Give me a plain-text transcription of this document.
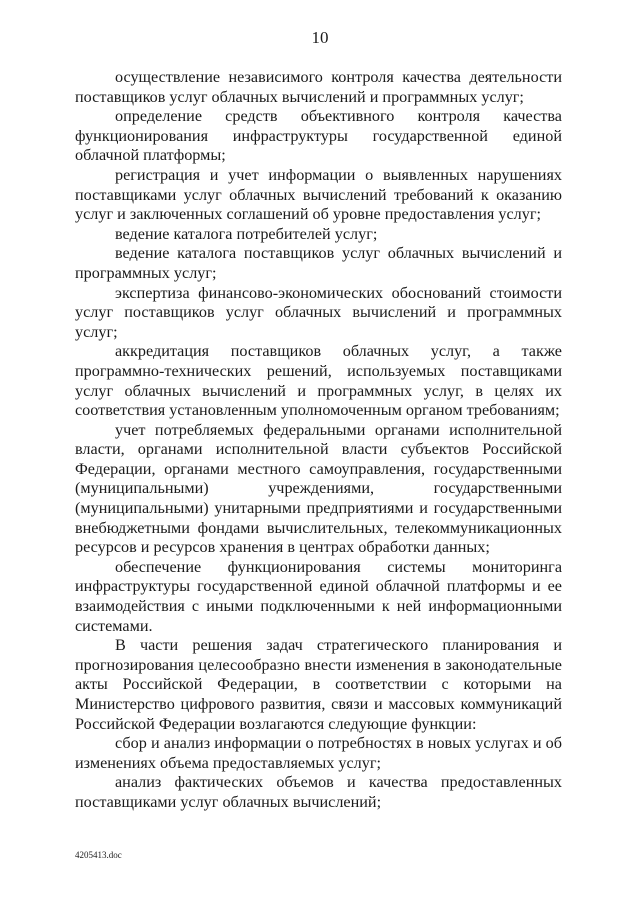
10

осуществление независимого контроля качества деятельности поставщиков услуг облачных вычислений и программных услуг;

определение средств объективного контроля качества функционирования инфраструктуры государственной единой облачной платформы;

регистрация и учет информации о выявленных нарушениях поставщиками услуг облачных вычислений требований к оказанию услуг и заключенных соглашений об уровне предоставления услуг;

ведение каталога потребителей услуг;

ведение каталога поставщиков услуг облачных вычислений и программных услуг;

экспертиза финансово-экономических обоснований стоимости услуг поставщиков услуг облачных вычислений и программных услуг;

аккредитация поставщиков облачных услуг, а также программно-технических решений, используемых поставщиками услуг облачных вычислений и программных услуг, в целях их соответствия установленным уполномоченным органом требованиям;

учет потребляемых федеральными органами исполнительной власти, органами исполнительной власти субъектов Российской Федерации, органами местного самоуправления, государственными (муниципальными) учреждениями, государственными (муниципальными) унитарными предприятиями и государственными внебюджетными фондами вычислительных, телекоммуникационных ресурсов и ресурсов хранения в центрах обработки данных;

обеспечение функционирования системы мониторинга инфраструктуры государственной единой облачной платформы и ее взаимодействия с иными подключенными к ней информационными системами.

В части решения задач стратегического планирования и прогнозирования целесообразно внести изменения в законодательные акты Российской Федерации, в соответствии с которыми на Министерство цифрового развития, связи и массовых коммуникаций Российской Федерации возлагаются следующие функции:

сбор и анализ информации о потребностях в новых услугах и об изменениях объема предоставляемых услуг;

анализ фактических объемов и качества предоставленных поставщиками услуг облачных вычислений;

4205413.doc
